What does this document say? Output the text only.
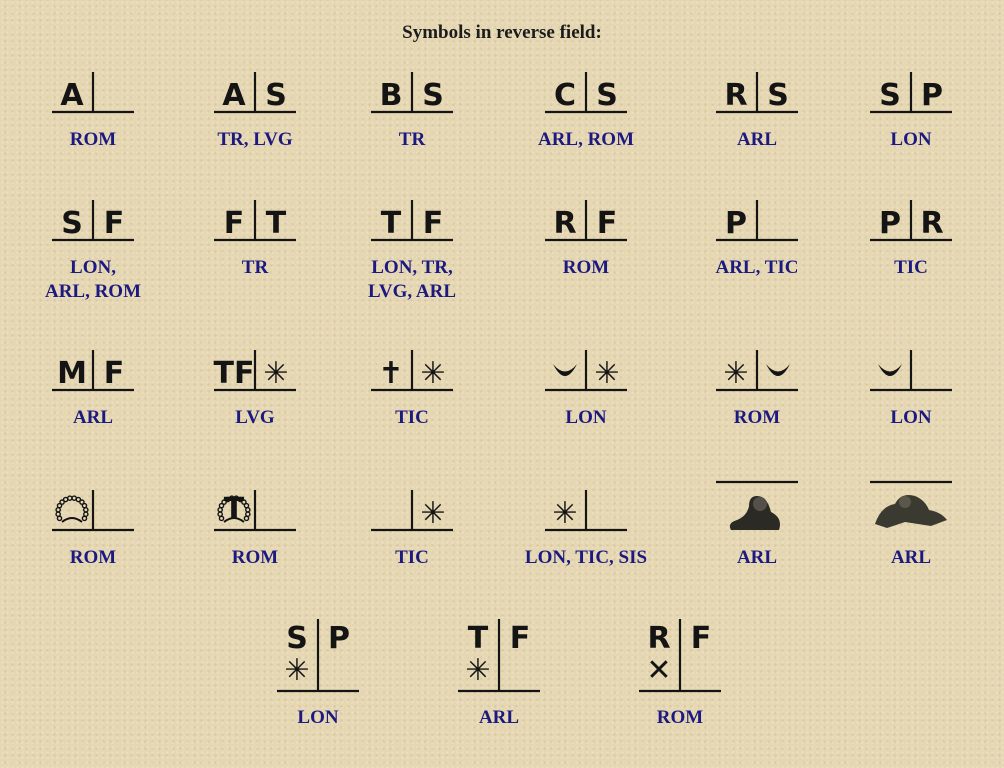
Symbols in reverse field:
A
ROM
A S
TR, LVG
B S
TR
C S
ARL, ROM
R S
ARL
S P
LON
S F
LON,
ARL, ROM
F T
TR
T F
LON, TR,
LVG, ARL
R F
ROM
P
ARL, TIC
P R
TIC
M F
ARL
TF ✳
LVG
✝ ✳
TIC
✳
LON
✳
ROM	LON
ROM
T
ROM
✳
TIC
✳
LON, TIC, SIS	ARL	ARL
S P
✳
LON
T F
✳
ARL
R F
✕
ROM
